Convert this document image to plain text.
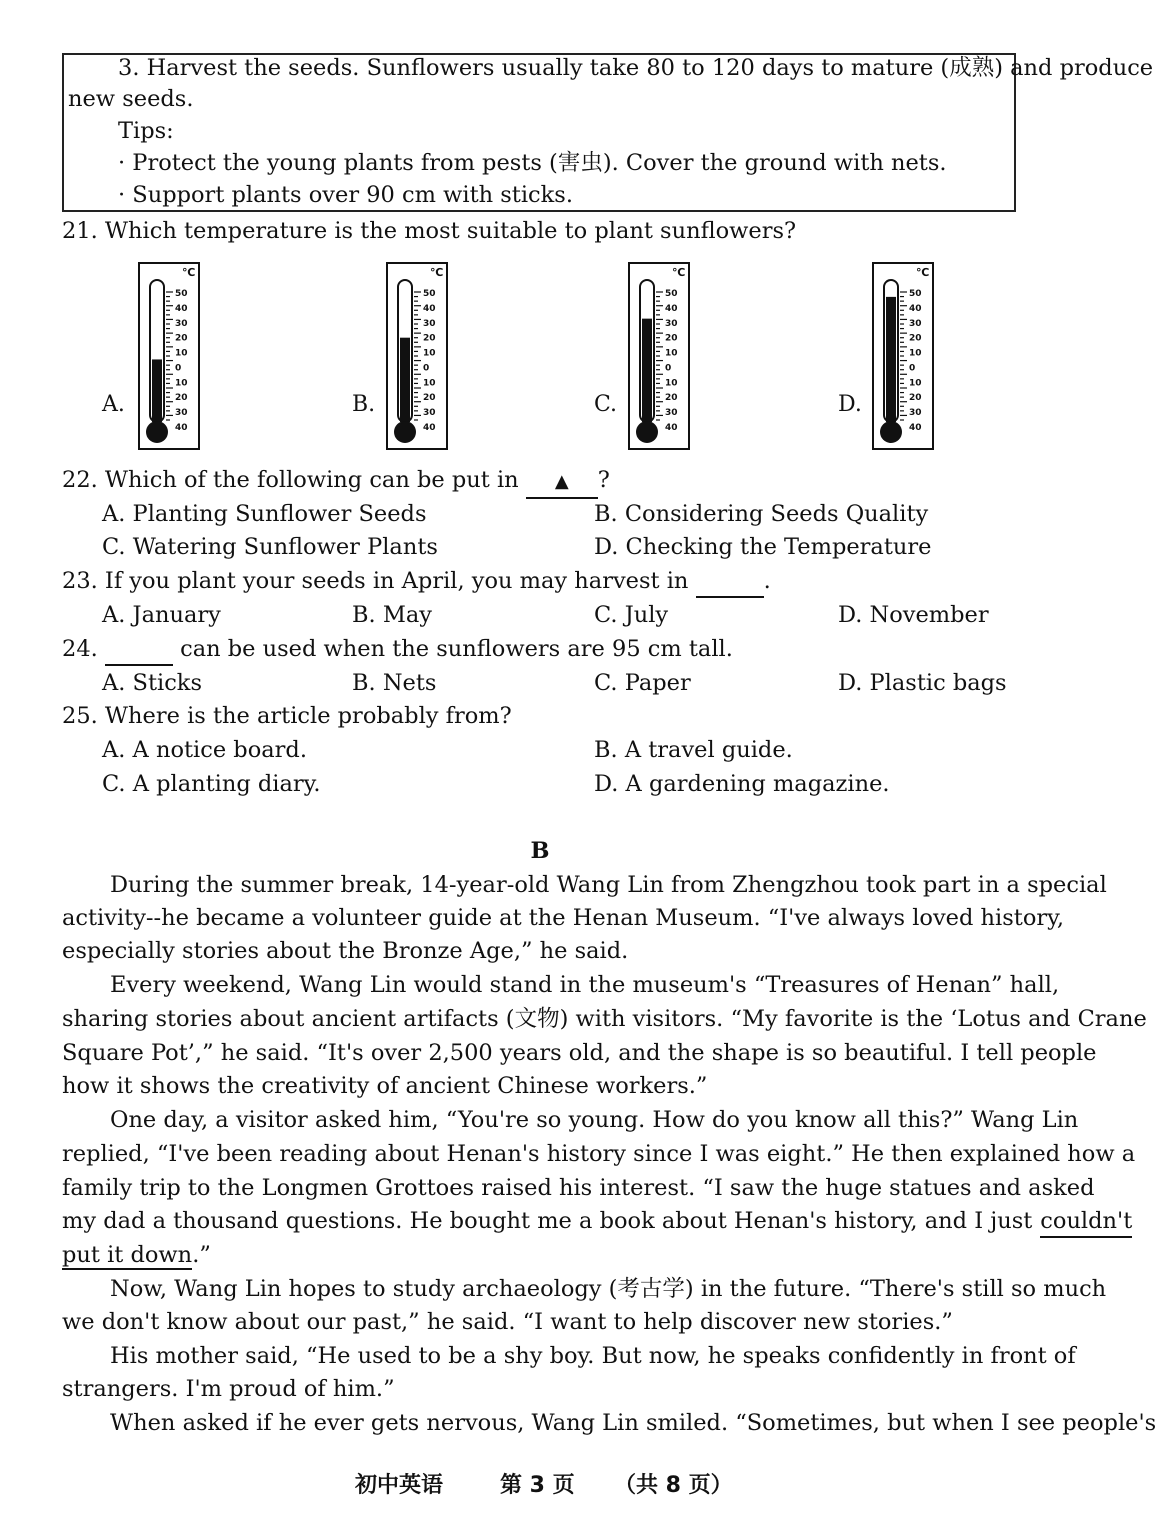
3. Harvest the seeds. Sunflowers usually take 80 to 120 days to mature (成熟) and produce
new seeds.
Tips:
· Protect the young plants from pests (害虫). Cover the ground with nets.
· Support plants over 90 cm with sticks.
21. Which temperature is the most suitable to plant sunflowers?
A.	B.	C.	D.
℃
50
40
30
20
10
0
10
20
30
40
℃
50
40
30
20
10
0
10
20
30
40
℃
50
40
30
20
10
0
10
20
30
40
℃
50
40
30
20
10
0
10
20
30
40
22. Which of the following can be put in ▲ ?
A. Planting Sunflower Seeds	B. Considering Seeds Quality
C. Watering Sunflower Plants	D. Checking the Temperature
23. If you plant your seeds in April, you may harvest in	.
A. January	B. May	C. July	D. November
24.	can be used when the sunflowers are 95 cm tall.
A. Sticks	B. Nets	C. Paper	D. Plastic bags
25. Where is the article probably from?
A. A notice board.	B. A travel guide.
C. A planting diary.	D. A gardening magazine.
B
During the summer break, 14-year-old Wang Lin from Zhengzhou took part in a special
activity--he became a volunteer guide at the Henan Museum. “I've always loved history,
especially stories about the Bronze Age,” he said.
Every weekend, Wang Lin would stand in the museum's “Treasures of Henan” hall,
sharing stories about ancient artifacts (文物) with visitors. “My favorite is the ‘Lotus and Crane
Square Pot’,” he said. “It's over 2,500 years old, and the shape is so beautiful. I tell people
how it shows the creativity of ancient Chinese workers.”
One day, a visitor asked him, “You're so young. How do you know all this?” Wang Lin
replied, “I've been reading about Henan's history since I was eight.” He then explained how a
family trip to the Longmen Grottoes raised his interest. “I saw the huge statues and asked
my dad a thousand questions. He bought me a book about Henan's history, and I just couldn't
put it down.”
Now, Wang Lin hopes to study archaeology (考古学) in the future. “There's still so much
we don't know about our past,” he said. “I want to help discover new stories.”
His mother said, “He used to be a shy boy. But now, he speaks confidently in front of
strangers. I'm proud of him.”
When asked if he ever gets nervous, Wang Lin smiled. “Sometimes, but when I see people's
初中英语	第 3 页 （共 8 页）
